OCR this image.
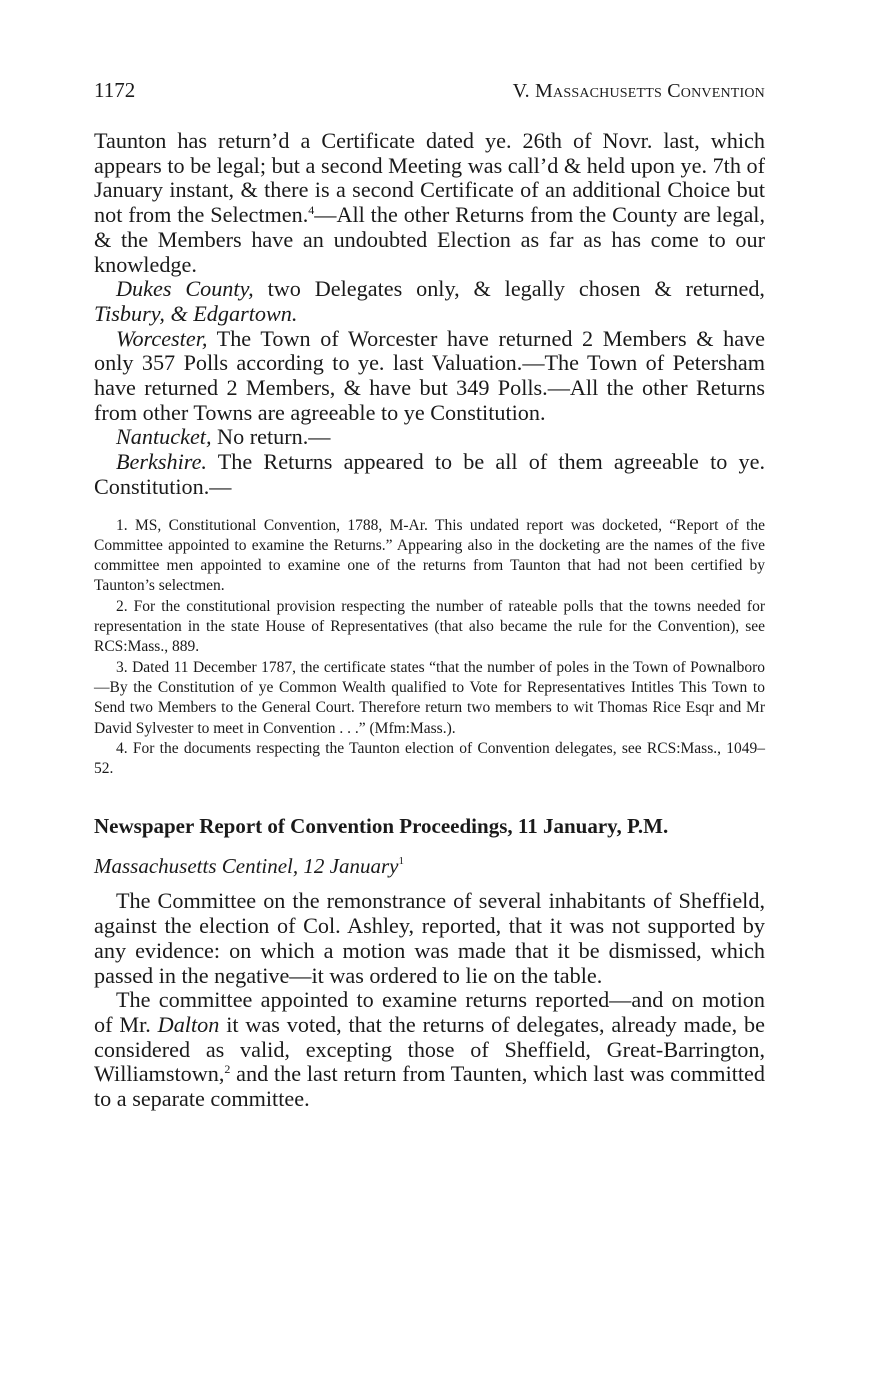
1172	V. Massachusetts Convention

Taunton has return’d a Certificate dated ye. 26th of Novr. last, which appears to be legal; but a second Meeting was call’d & held upon ye. 7th of January instant, & there is a second Certificate of an additional Choice but not from the Selectmen.$^4$—All the other Returns from the County are legal, & the Members have an undoubted Election as far as has come to our knowledge.

Dukes County, two Delegates only, & legally chosen & returned, Tisbury, & Edgartown.

Worcester, The Town of Worcester have returned 2 Members & have only 357 Polls according to ye. last Valuation.—The Town of Petersham have returned 2 Members, & have but 349 Polls.—All the other Returns from other Towns are agreeable to ye Constitution.

Nantucket, No return.—

Berkshire. The Returns appeared to be all of them agreeable to ye. Constitution.—

1. MS, Constitutional Convention, 1788, M-Ar. This undated report was docketed, “Report of the Committee appointed to examine the Returns.” Appearing also in the docketing are the names of the five committee men appointed to examine one of the returns from Taunton that had not been certified by Taunton’s selectmen.

2. For the constitutional provision respecting the number of rateable polls that the towns needed for representation in the state House of Representatives (that also became the rule for the Convention), see RCS:Mass., 889.

3. Dated 11 December 1787, the certificate states “that the number of poles in the Town of Pownalboro—By the Constitution of ye Common Wealth qualified to Vote for Representatives Intitles This Town to Send two Members to the General Court. Therefore return two members to wit Thomas Rice Esqr and Mr David Sylvester to meet in Convention . . .” (Mfm:Mass.).

4. For the documents respecting the Taunton election of Convention delegates, see RCS:Mass., 1049–52.

Newspaper Report of Convention Proceedings, 11 January, P.M.
Massachusetts Centinel, 12 January$^1$

The Committee on the remonstrance of several inhabitants of Sheffield, against the election of Col. Ashley, reported, that it was not supported by any evidence: on which a motion was made that it be dismissed, which passed in the negative—it was ordered to lie on the table.

The committee appointed to examine returns reported—and on motion of Mr. Dalton it was voted, that the returns of delegates, already made, be considered as valid, excepting those of Sheffield, Great-Barrington, Williamstown,$^2$ and the last return from Taunten, which last was committed to a separate committee.
